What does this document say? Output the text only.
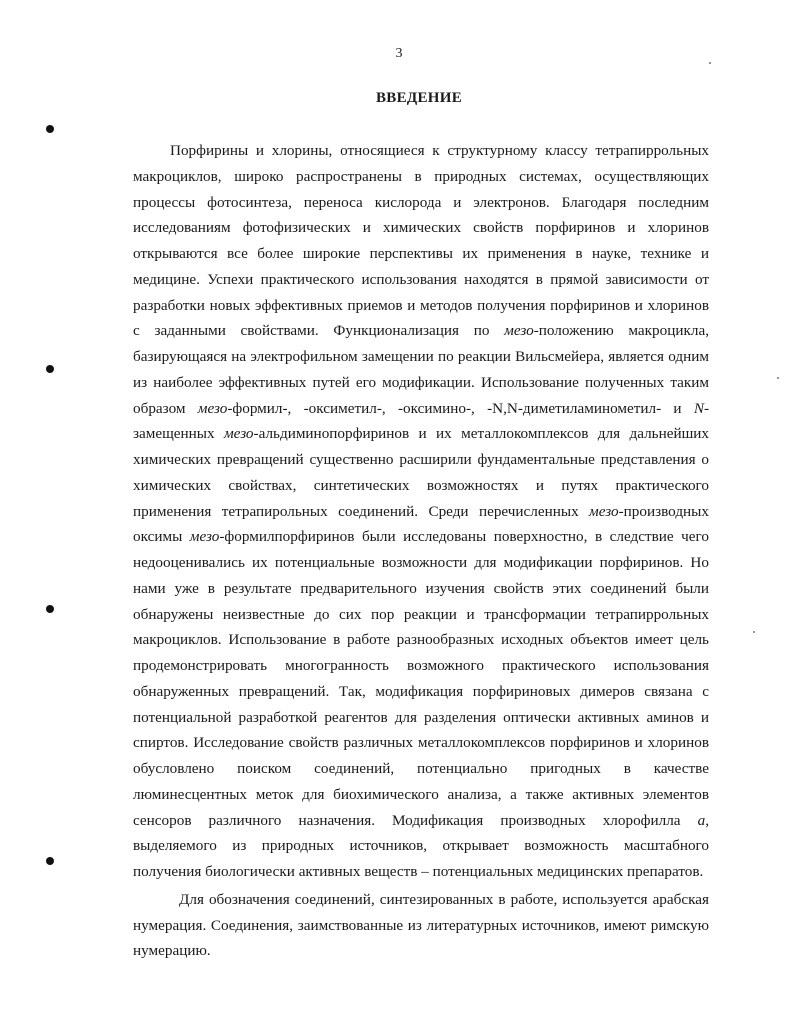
3
ВВЕДЕНИЕ

Порфирины и хлорины, относящиеся к структурному классу тетрапиррольных макроциклов, широко распространены в природных системах, осуществляющих процессы фотосинтеза, переноса кислорода и электронов. Благодаря последним исследованиям фотофизических и химических свойств порфиринов и хлоринов открываются все более широкие перспективы их применения в науке, технике и медицине. Успехи практического использования находятся в прямой зависимости от разработки новых эффективных приемов и методов получения порфиринов и хлоринов с заданными свойствами. Функционализация по мезо-положению макроцикла, базирующаяся на электрофильном замещении по реакции Вильсмейера, является одним из наиболее эффективных путей его модификации. Использование полученных таким образом мезо-формил-, -оксиметил-, -оксимино-, -N,N-диметиламинометил- и N-замещенных мезо-альдиминопорфиринов и их металлокомплексов для дальнейших химических превращений существенно расширили фундаментальные представления о химических свойствах, синтетических возможностях и путях практического применения тетрапирольных соединений. Среди перечисленных мезо-производных оксимы мезо-формилпорфиринов были исследованы поверхностно, в следствие чего недооценивались их потенциальные возможности для модификации порфиринов. Но нами уже в результате предварительного изучения свойств этих соединений были обнаружены неизвестные до сих пор реакции и трансформации тетрапиррольных макроциклов. Использование в работе разнообразных исходных объектов имеет цель продемонстрировать многогранность возможного практического использования обнаруженных превращений. Так, модификация порфириновых димеров связана с потенциальной разработкой реагентов для разделения оптически активных аминов и спиртов. Исследование свойств различных металлокомплексов порфиринов и хлоринов обусловлено поиском соединений, потенциально пригодных в качестве люминесцентных меток для биохимического анализа, а также активных элементов сенсоров различного назначения. Модификация производных хлорофилла a, выделяемого из природных источников, открывает возможность масштабного получения биологически активных веществ – потенциальных медицинских препаратов.

Для обозначения соединений, синтезированных в работе, используется арабская нумерация. Соединения, заимствованные из литературных источников, имеют римскую нумерацию.
